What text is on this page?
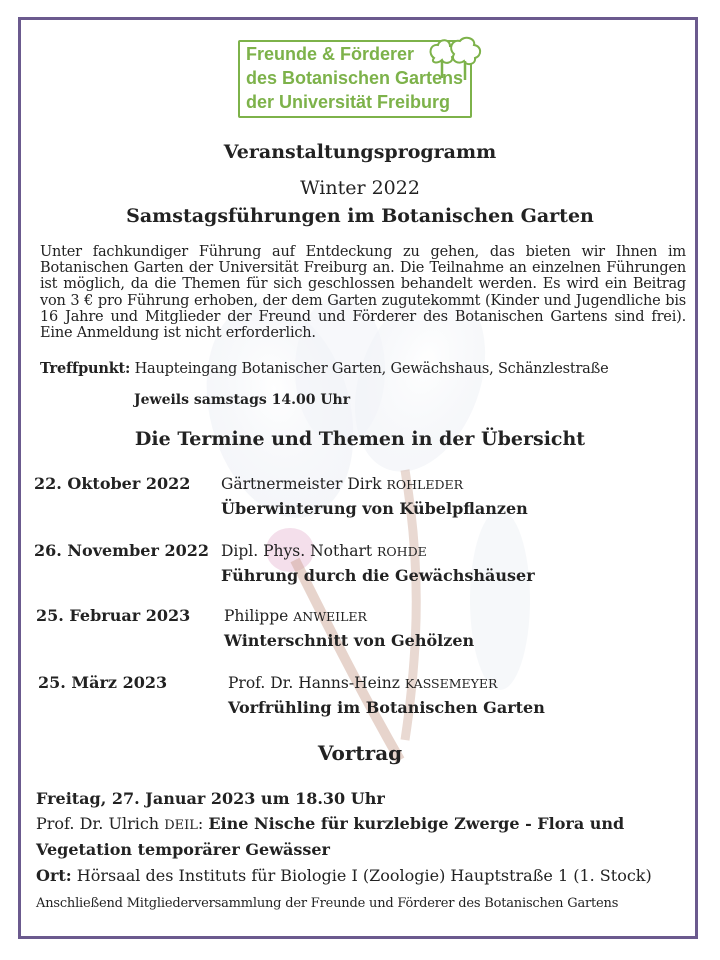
Freunde & Förderer
des Botanischen Gartens
der Universität Freiburg
Veranstaltungsprogramm
Winter 2022
Samstagsführungen im Botanischen Garten
Unter fachkundiger Führung auf Entdeckung zu gehen, das bieten wir Ihnen im Botanischen Garten der Universität Freiburg an. Die Teilnahme an einzelnen Führungen ist möglich, da die Themen für sich geschlossen behandelt werden. Es wird ein Beitrag von 3 € pro Führung erhoben, der dem Garten zugutekommt (Kinder und Jugendliche bis 16 Jahre und Mitglieder der Freund und Förderer des Botanischen Gartens sind frei). Eine Anmeldung ist nicht erforderlich.
Treffpunkt: Haupteingang Botanischer Garten, Gewächshaus, Schänzlestraße
Jeweils samstags 14.00 Uhr
Die Termine und Themen in der Übersicht
22. Oktober 2022 Gärtnermeister Dirk ROHLEDER
Überwinterung von Kübelpflanzen
26. November 2022 Dipl. Phys. Nothart ROHDE
Führung durch die Gewächshäuser
25. Februar 2023 Philippe ANWEILER
Winterschnitt von Gehölzen
25. März 2023	Prof. Dr. Hanns-Heinz KASSEMEYER
Vorfrühling im Botanischen Garten
Vortrag
Freitag, 27. Januar 2023 um 18.30 Uhr
Prof. Dr. Ulrich DEIL: Eine Nische für kurzlebige Zwerge - Flora und
Vegetation temporärer Gewässer
Ort: Hörsaal des Instituts für Biologie I (Zoologie) Hauptstraße 1 (1. Stock)
Anschließend Mitgliederversammlung der Freunde und Förderer des Botanischen Gartens
